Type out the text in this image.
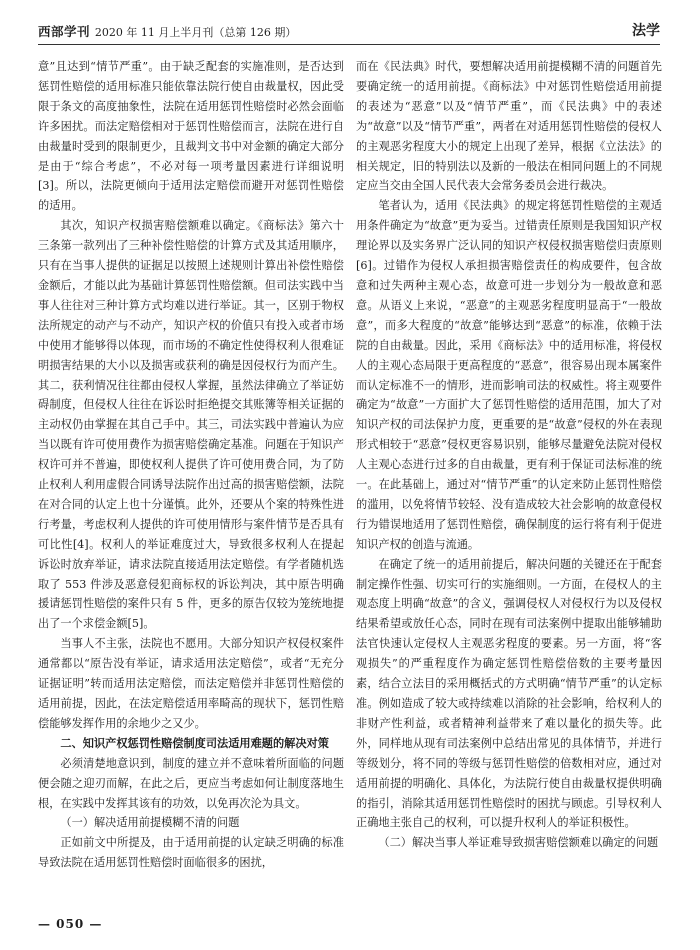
西部学刊 2020 年 11 月上半月刊（总第 126 期）	法学

意”且达到“情节严重”。由于缺乏配套的实施准则，是否达到惩罚性赔偿的适用标准只能依靠法院行使自由裁量权，因此受限于条文的高度抽象性，法院在适用惩罚性赔偿时必然会面临许多困扰。而法定赔偿相对于惩罚性赔偿而言，法院在进行自由裁量时受到的限制更少，且裁判文书中对金额的确定大部分是由于“综合考虑”，不必对每一项考量因素进行详细说明[3]。所以，法院更倾向于适用法定赔偿而避开对惩罚性赔偿的适用。

其次，知识产权损害赔偿额难以确定。《商标法》第六十三条第一款列出了三种补偿性赔偿的计算方式及其适用顺序，只有在当事人提供的证据足以按照上述规则计算出补偿性赔偿金额后，才能以此为基础计算惩罚性赔偿额。但司法实践中当事人往往对三种计算方式均难以进行举证。其一，区别于物权法所规定的动产与不动产，知识产权的价值只有投入或者市场中使用才能够得以体现，而市场的不确定性使得权利人很难证明损害结果的大小以及损害或获利的确是因侵权行为而产生。其二，获利情况往往都由侵权人掌握，虽然法律确立了举证妨碍制度，但侵权人往往在诉讼时拒绝提交其账簿等相关证据的主动权仍由掌握在其自己手中。其三，司法实践中普遍认为应当以既有许可使用费作为损害赔偿确定基准。问题在于知识产权许可并不普遍，即使权利人提供了许可使用费合同，为了防止权利人利用虚假合同诱导法院作出过高的损害赔偿额，法院在对合同的认定上也十分谨慎。此外，还要从个案的特殊性进行考量，考虑权利人提供的许可使用情形与案件情节是否具有可比性[4]。权利人的举证难度过大，导致很多权利人在提起诉讼时放弃举证，请求法院直接适用法定赔偿。有学者随机选取了 553 件涉及恶意侵犯商标权的诉讼判决，其中原告明确援请惩罚性赔偿的案件只有 5 件，更多的原告仅较为笼统地提出了一个求偿金额[5]。

当事人不主张，法院也不愿用。大部分知识产权侵权案件通常都以“原告没有举证，请求适用法定赔偿”，或者“无充分证据证明”转而适用法定赔偿，而法定赔偿并非惩罚性赔偿的适用前提，因此，在法定赔偿适用率畸高的现状下，惩罚性赔偿能够发挥作用的余地少之又少。

二、知识产权惩罚性赔偿制度司法适用难题的解决对策

必须清楚地意识到，制度的建立并不意味着所面临的问题便会随之迎刃而解，在此之后，更应当考虑如何让制度落地生根，在实践中发挥其该有的功效，以免再次沦为具文。

（一）解决适用前提模糊不清的问题

正如前文中所提及，由于适用前提的认定缺乏明确的标准导致法院在适用惩罚性赔偿时面临很多的困扰，

而在《民法典》时代，要想解决适用前提模糊不清的问题首先要确定统一的适用前提。《商标法》中对惩罚性赔偿适用前提的表述为“恶意”以及“情节严重”，而《民法典》中的表述为“故意”以及“情节严重”，两者在对适用惩罚性赔偿的侵权人的主观恶劣程度大小的规定上出现了差异，根据《立法法》的相关规定，旧的特别法以及新的一般法在相同问题上的不同规定应当交由全国人民代表大会常务委员会进行裁决。

笔者认为，适用《民法典》的规定将惩罚性赔偿的主观适用条件确定为“故意”更为妥当。过错责任原则是我国知识产权理论界以及实务界广泛认同的知识产权侵权损害赔偿归责原则[6]。过错作为侵权人承担损害赔偿责任的构成要件，包含故意和过失两种主观心态，故意可进一步划分为一般故意和恶意。从语义上来说，“恶意”的主观恶劣程度明显高于“一般故意”，而多大程度的“故意”能够达到“恶意”的标准，依赖于法院的自由裁量。因此，采用《商标法》中的适用标准，将侵权人的主观心态局限于更高程度的“恶意”，很容易出现本属案件而认定标准不一的情形，进而影响司法的权威性。将主观要件确定为“故意”一方面扩大了惩罚性赔偿的适用范围，加大了对知识产权的司法保护力度，更重要的是“故意”侵权的外在表现形式相较于“恶意”侵权更容易识别，能够尽量避免法院对侵权人主观心态进行过多的自由裁量，更有利于保证司法标准的统一。在此基础上，通过对“情节严重”的认定来防止惩罚性赔偿的滥用，以免将情节较轻、没有造成较大社会影响的故意侵权行为错误地适用了惩罚性赔偿，确保制度的运行将有利于促进知识产权的创造与流通。

在确定了统一的适用前提后，解决问题的关键还在于配套制定操作性强、切实可行的实施细则。一方面，在侵权人的主观态度上明确“故意”的含义，强调侵权人对侵权行为以及侵权结果希望或放任心态，同时在现有司法案例中提取出能够辅助法官快速认定侵权人主观恶劣程度的要素。另一方面，将“客观损失”的严重程度作为确定惩罚性赔偿倍数的主要考量因素，结合立法目的采用概括式的方式明确“情节严重”的认定标准。例如造成了较大或持续难以消除的社会影响，给权利人的非财产性利益，或者精神利益带来了难以量化的损失等。此外，同样地从现有司法案例中总结出常见的具体情节，并进行等级划分，将不同的等级与惩罚性赔偿的倍数相对应，通过对适用前提的明确化、具体化，为法院行使自由裁量权提供明确的指引，消除其适用惩罚性赔偿时的困扰与顾虑。引导权利人正确地主张自己的权利，可以提升权利人的举证积极性。

（二）解决当事人举证难导致损害赔偿额难以确定的问题
— 050 —
